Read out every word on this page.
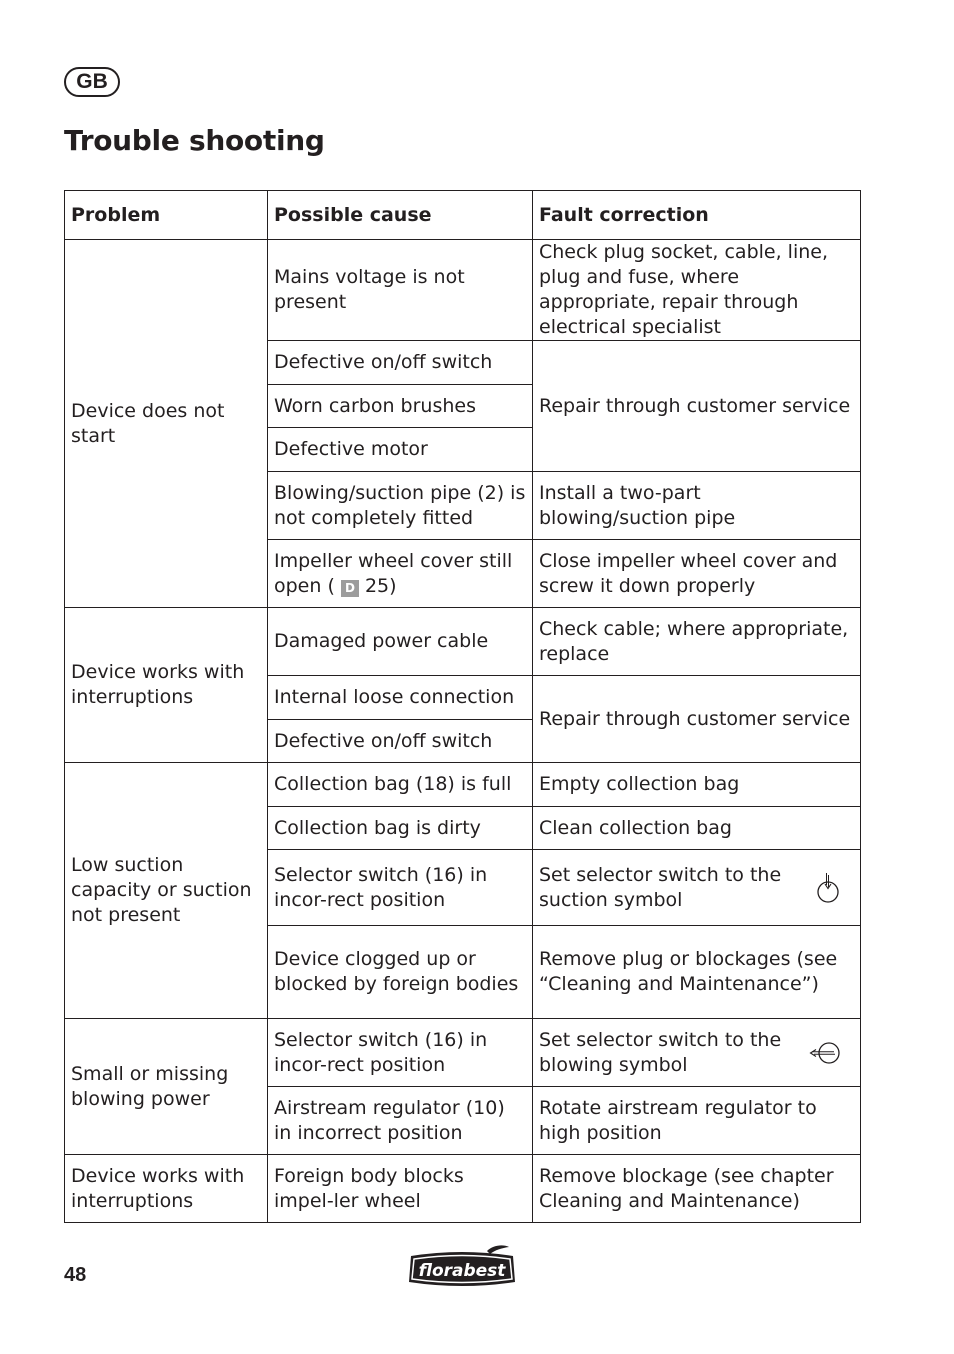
GB
Trouble shooting
Problem	Possible cause	Fault correction
Device does not start	Mains voltage is not present	Check plug socket, cable, line, plug and fuse, where appropriate, repair through electrical specialist
	Defective on/off switch	Repair through customer service
	Worn carbon brushes	
	Defective motor	
	Blowing/suction pipe (2) is not completely fitted	Install a two-part blowing/suction pipe
	Impeller wheel cover still open ( D 25)	Close impeller wheel cover and screw it down properly
Device works with interruptions	Damaged power cable	Check cable; where appropriate, replace
	Internal loose connection	Repair through customer service
	Defective on/off switch	
Low suction capacity or suction not present	Collection bag (18) is full	Empty collection bag
	Collection bag is dirty	Clean collection bag
	Selector switch (16) in incor-rect position	Set selector switch to the suction symbol

	Device clogged up or blocked by foreign bodies	Remove plug or blockages (see “Cleaning and Maintenance”)
Small or missing blowing power	Selector switch (16) in incor-rect position	Set selector switch to the blowing symbol

	Airstream regulator (10) in incorrect position	Rotate airstream regulator to high position
Device works with interruptions	Foreign body blocks impel-ler wheel	Remove blockage (see chapter Cleaning and Maintenance)
48	florabest
